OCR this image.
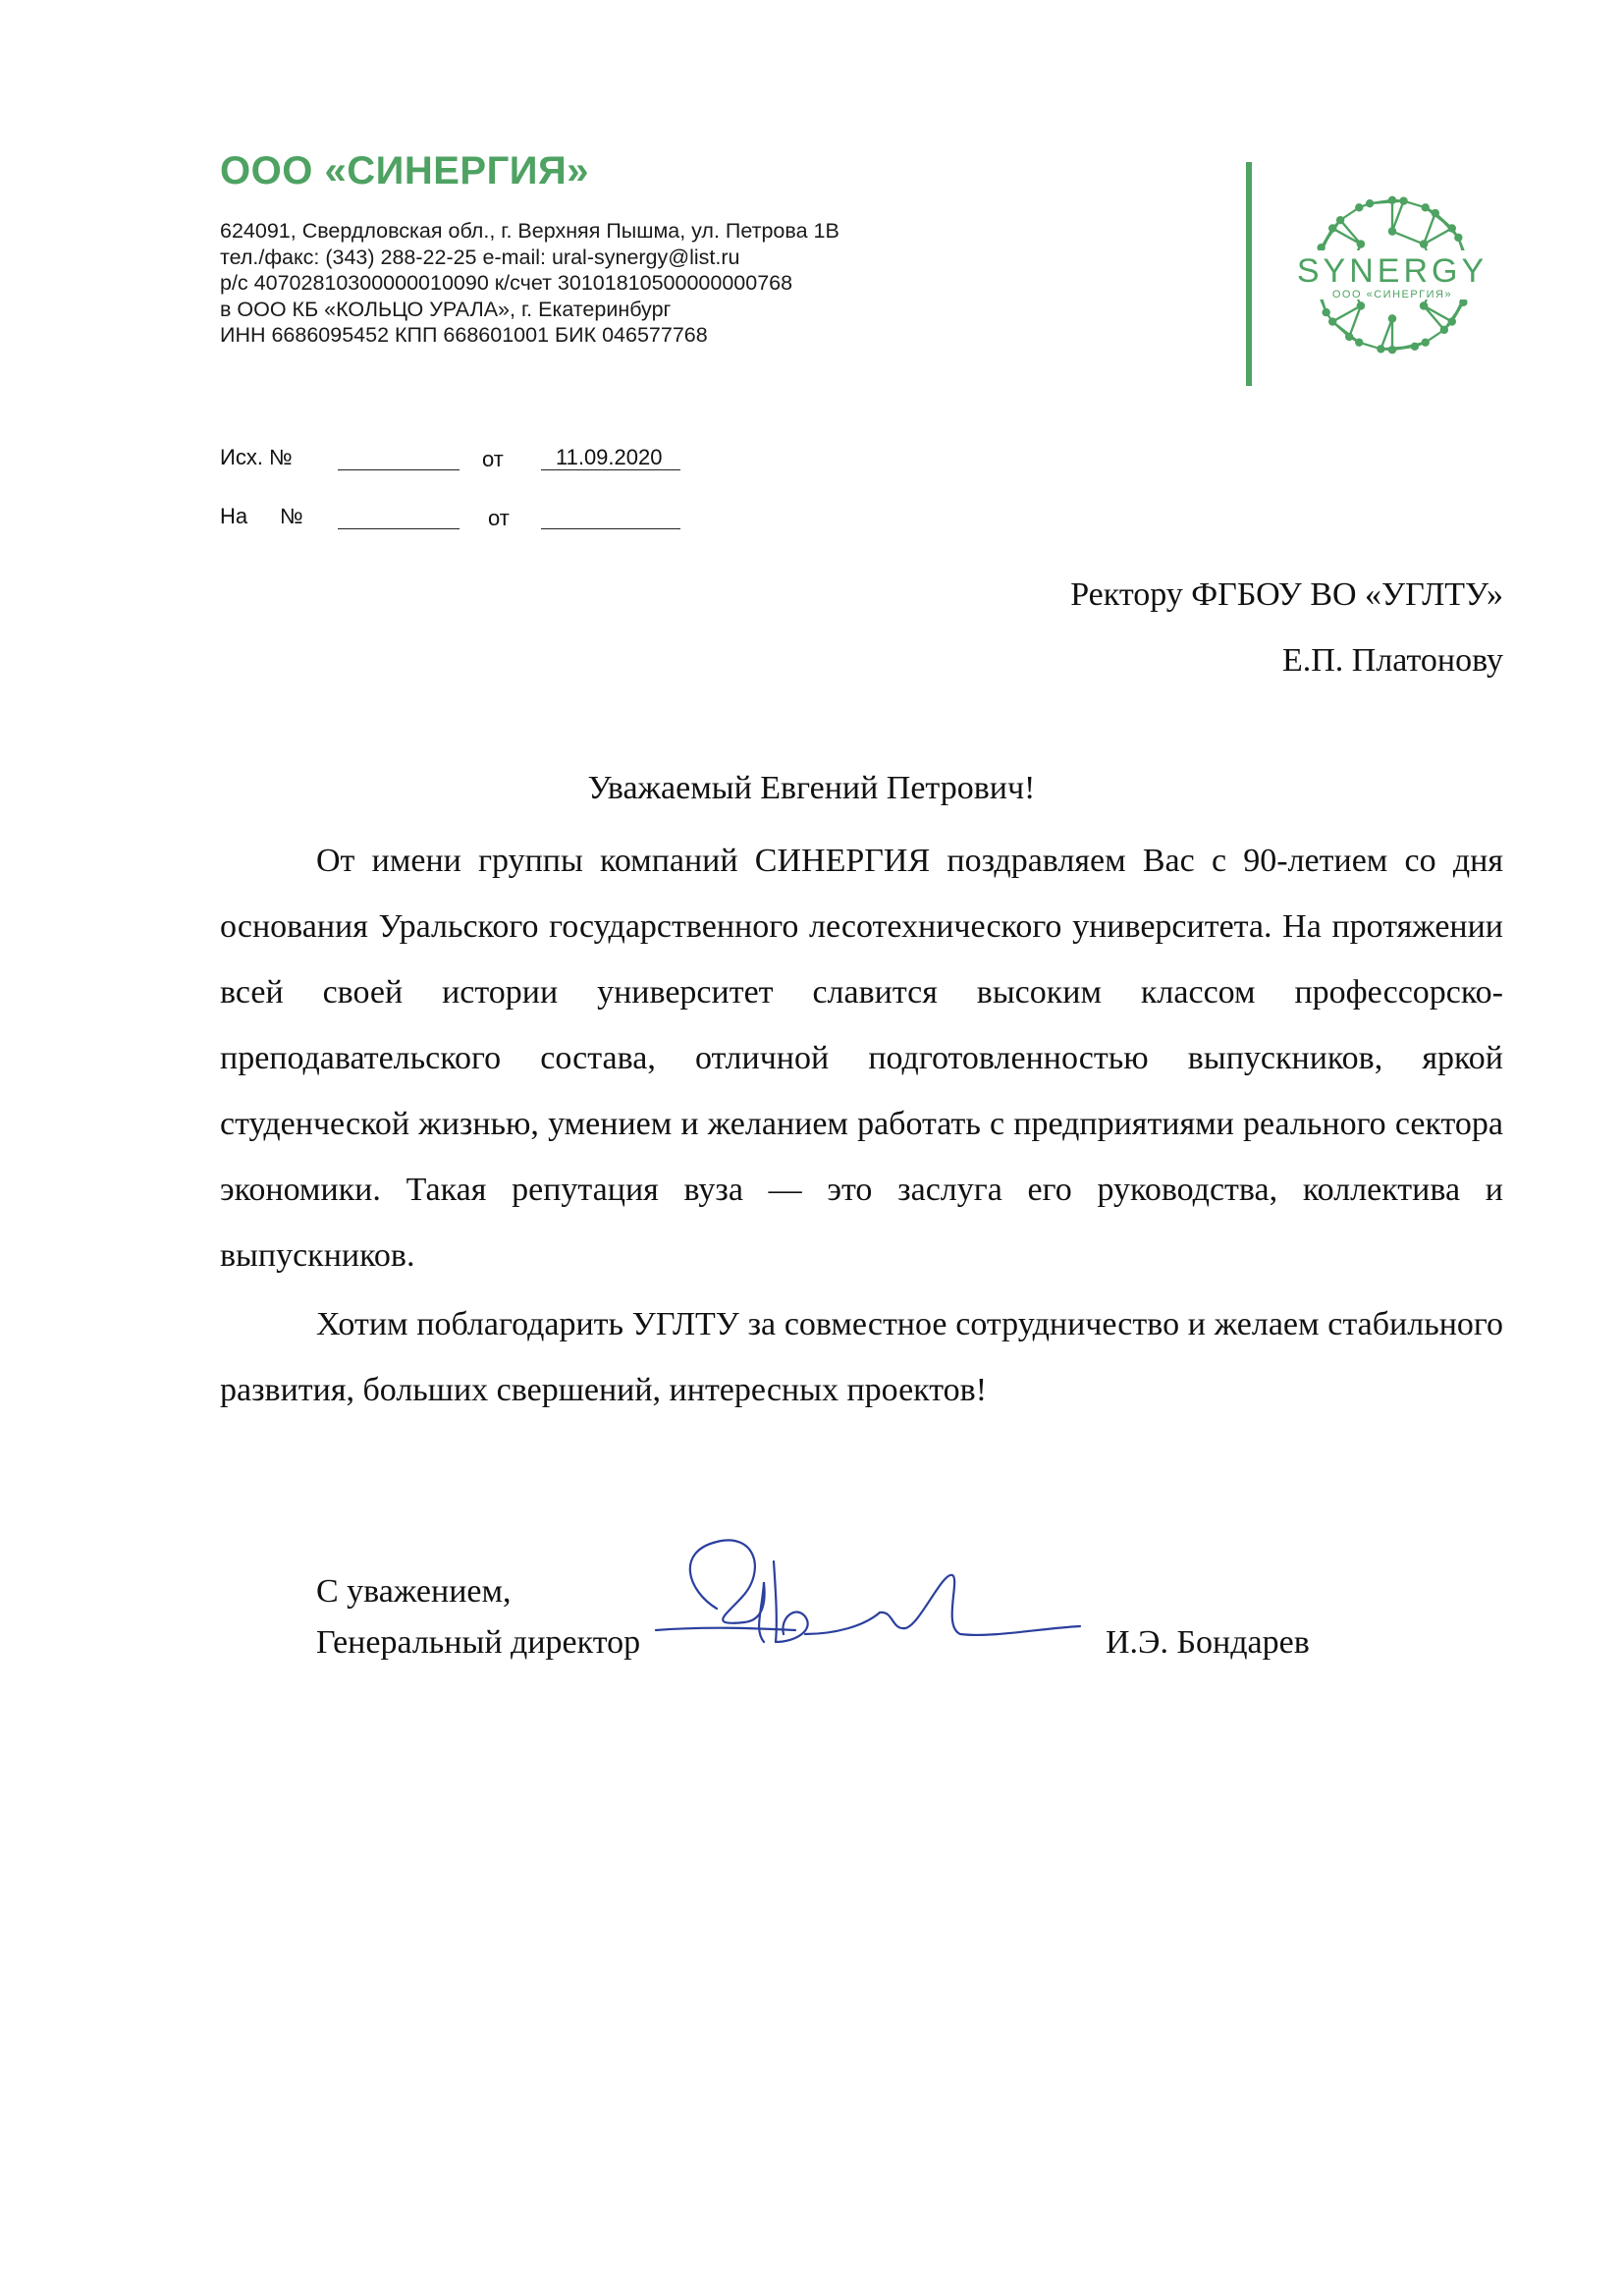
ООО «СИНЕРГИЯ»
624091, Свердловская обл., г. Верхняя Пышма, ул. Петрова 1В
тел./факс: (343) 288-22-25 e-mail: ural-synergy@list.ru
р/с 40702810300000010090 к/счет 30101810500000000768
в ООО КБ «КОЛЬЦО УРАЛА», г. Екатеринбург
ИНН 6686095452 КПП 668601001 БИК 046577768
SYNERGY
ООО «СИНЕРГИЯ»
Исх. №	от 11.09.2020
На №	от
Ректору ФГБОУ ВО «УГЛТУ»
Е.П. Платонову
Уважаемый Евгений Петрович!

От имени группы компаний СИНЕРГИЯ поздравляем Вас с 90-летием со дня основания Уральского государственного лесотехнического университета. На протяжении всей своей истории университет славится высоким классом профессорско-преподавательского состава, отличной подготовленностью выпускников, яркой студенческой жизнью, умением и желанием работать с предприятиями реального сектора экономики. Такая репутация вуза — это заслуга его руководства, коллектива и выпускников.

Хотим поблагодарить УГЛТУ за совместное сотрудничество и желаем стабильного развития, больших свершений, интересных проектов!

С уважением,
Генеральный директор	И.Э. Бондарев
